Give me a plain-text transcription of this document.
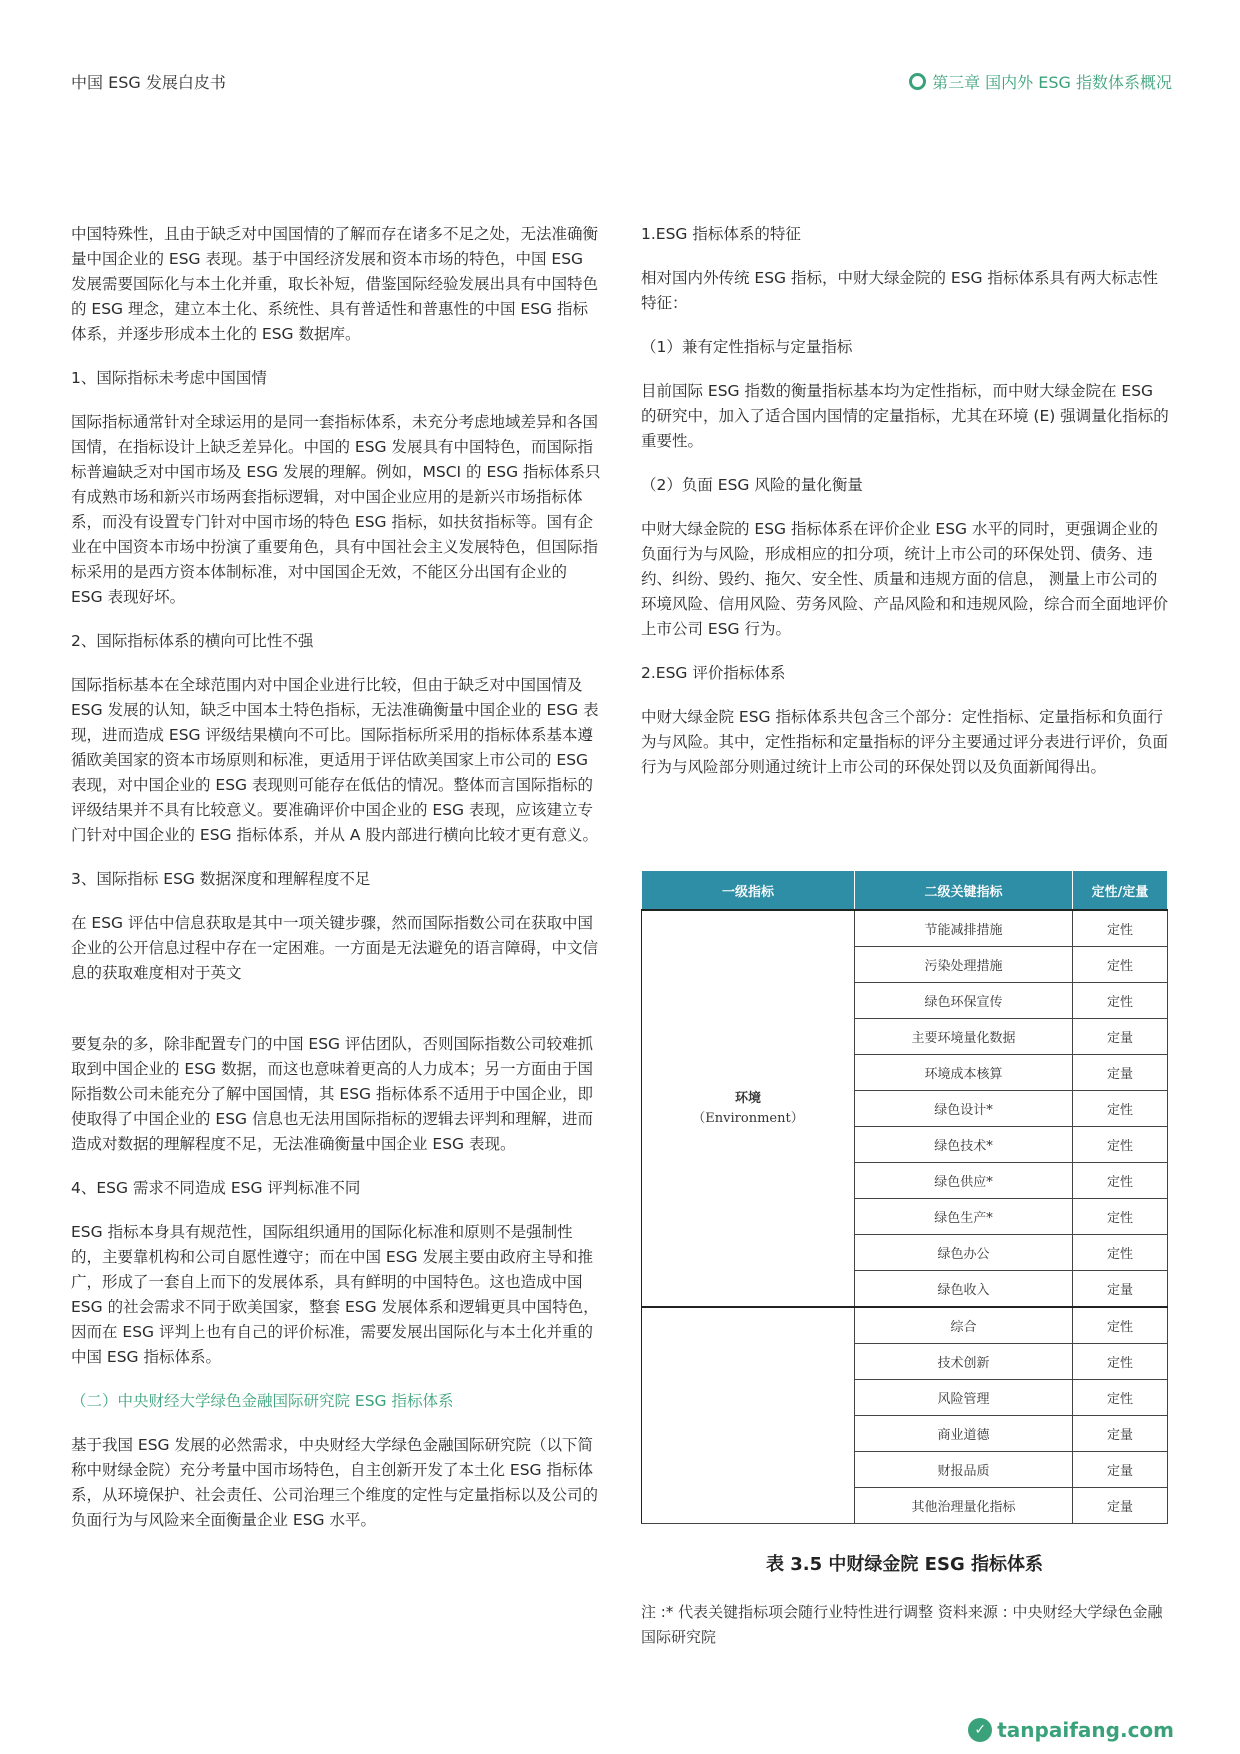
中国 ESG 发展白皮书	第三章 国内外 ESG 指数体系概况

中国特殊性，且由于缺乏对中国国情的了解而存在诸多不足之处，无法准确衡量中国企业的 ESG 表现。基于中国经济发展和资本市场的特色，中国 ESG 发展需要国际化与本土化并重，取长补短，借鉴国际经验发展出具有中国特色的 ESG 理念，建立本土化、系统性、具有普适性和普惠性的中国 ESG 指标体系，并逐步形成本土化的 ESG 数据库。

1、国际指标未考虑中国国情

国际指标通常针对全球运用的是同一套指标体系，未充分考虑地域差异和各国国情，在指标设计上缺乏差异化。中国的 ESG 发展具有中国特色，而国际指标普遍缺乏对中国市场及 ESG 发展的理解。例如，MSCI 的 ESG 指标体系只有成熟市场和新兴市场两套指标逻辑，对中国企业应用的是新兴市场指标体系，而没有设置专门针对中国市场的特色 ESG 指标，如扶贫指标等。国有企业在中国资本市场中扮演了重要角色，具有中国社会主义发展特色，但国际指标采用的是西方资本体制标准，对中国国企无效，不能区分出国有企业的 ESG 表现好坏。

2、国际指标体系的横向可比性不强

国际指标基本在全球范围内对中国企业进行比较，但由于缺乏对中国国情及 ESG 发展的认知，缺乏中国本土特色指标，无法准确衡量中国企业的 ESG 表现，进而造成 ESG 评级结果横向不可比。国际指标所采用的指标体系基本遵循欧美国家的资本市场原则和标准，更适用于评估欧美国家上市公司的 ESG 表现，对中国企业的 ESG 表现则可能存在低估的情况。整体而言国际指标的评级结果并不具有比较意义。要准确评价中国企业的 ESG 表现，应该建立专门针对中国企业的 ESG 指标体系，并从 A 股内部进行横向比较才更有意义。

3、国际指标 ESG 数据深度和理解程度不足

在 ESG 评估中信息获取是其中一项关键步骤，然而国际指数公司在获取中国企业的公开信息过程中存在一定困难。一方面是无法避免的语言障碍，中文信息的获取难度相对于英文

要复杂的多，除非配置专门的中国 ESG 评估团队，否则国际指数公司较难抓取到中国企业的 ESG 数据，而这也意味着更高的人力成本；另一方面由于国际指数公司未能充分了解中国国情，其 ESG 指标体系不适用于中国企业，即使取得了中国企业的 ESG 信息也无法用国际指标的逻辑去评判和理解，进而造成对数据的理解程度不足，无法准确衡量中国企业 ESG 表现。

4、ESG 需求不同造成 ESG 评判标准不同

ESG 指标本身具有规范性，国际组织通用的国际化标准和原则不是强制性的，主要靠机构和公司自愿性遵守；而在中国 ESG 发展主要由政府主导和推广，形成了一套自上而下的发展体系，具有鲜明的中国特色。这也造成中国 ESG 的社会需求不同于欧美国家，整套 ESG 发展体系和逻辑更具中国特色，因而在 ESG 评判上也有自己的评价标准，需要发展出国际化与本土化并重的中国 ESG 指标体系。

（二）中央财经大学绿色金融国际研究院 ESG 指标体系

基于我国 ESG 发展的必然需求，中央财经大学绿色金融国际研究院（以下简称中财绿金院）充分考量中国市场特色，自主创新开发了本土化 ESG 指标体系，从环境保护、社会责任、公司治理三个维度的定性与定量指标以及公司的负面行为与风险来全面衡量企业 ESG 水平。

1.ESG 指标体系的特征

相对国内外传统 ESG 指标，中财大绿金院的 ESG 指标体系具有两大标志性特征：

（1）兼有定性指标与定量指标

目前国际 ESG 指数的衡量指标基本均为定性指标，而中财大绿金院在 ESG 的研究中，加入了适合国内国情的定量指标，尤其在环境 (E) 强调量化指标的重要性。

（2）负面 ESG 风险的量化衡量

中财大绿金院的 ESG 指标体系在评价企业 ESG 水平的同时，更强调企业的负面行为与风险，形成相应的扣分项，统计上市公司的环保处罚、债务、违约、纠纷、毁约、拖欠、安全性、质量和违规方面的信息， 测量上市公司的环境风险、信用风险、劳务风险、产品风险和和违规风险，综合而全面地评价上市公司 ESG 行为。

2.ESG 评价指标体系

中财大绿金院 ESG 指标体系共包含三个部分：定性指标、定量指标和负面行为与风险。其中，定性指标和定量指标的评分主要通过评分表进行评价，负面行为与风险部分则通过统计上市公司的环保处罚以及负面新闻得出。

一级指标	二级关键指标	定性/定量

环境
（Environment）	节能减排措施	定性
	污染处理措施	定性
	绿色环保宣传	定性
	主要环境量化数据	定量
	环境成本核算	定量
	绿色设计*	定性
	绿色技术*	定性
	绿色供应*	定性
	绿色生产*	定性
	绿色办公	定性
	绿色收入	定量
	综合	定性
	技术创新	定性
	风险管理	定性
	商业道德	定量
	财报品质	定量
	其他治理量化指标	定量
表 3.5 中财绿金院 ESG 指标体系
注 :* 代表关键指标项会随行业特性进行调整 资料来源 : 中央财经大学绿色金融国际研究院
✓ tanpaifang.com
